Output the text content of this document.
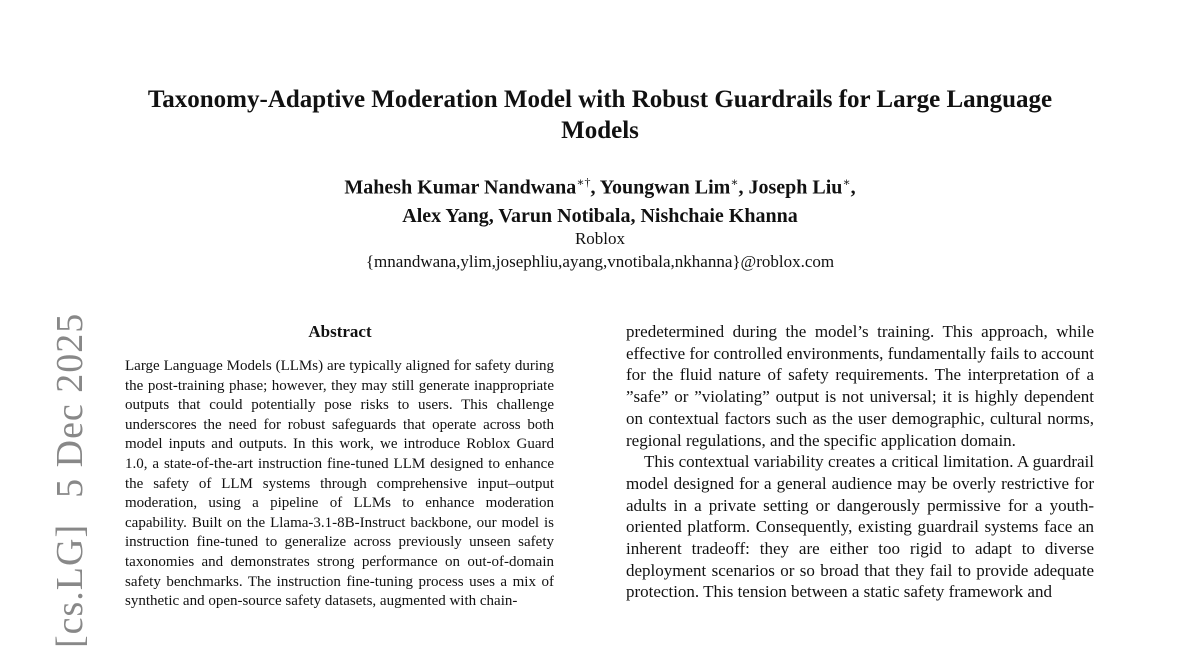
Taxonomy-Adaptive Moderation Model with Robust Guardrails for Large Language Models
Mahesh Kumar Nandwana∗†, Youngwan Lim∗, Joseph Liu∗,
Alex Yang, Varun Notibala, Nishchaie Khanna
Roblox
{mnandwana,ylim,josephliu,ayang,vnotibala,nkhanna}@roblox.com
[cs.LG]5 Dec 2025	Abstract
Large Language Models (LLMs) are typically aligned for safety during the post-training phase; however, they may still generate inappropriate outputs that could potentially pose risks to users. This challenge underscores the need for robust safeguards that operate across both model inputs and outputs. In this work, we introduce Roblox Guard 1.0, a state-of-the-art instruction fine-tuned LLM designed to enhance the safety of LLM systems through comprehensive input–output moderation, using a pipeline of LLMs to enhance moderation capability. Built on the Llama-3.1-8B-Instruct backbone, our model is instruction fine-tuned to generalize across previously unseen safety taxonomies and demonstrates strong performance on out-of-domain safety benchmarks. The instruction fine-tuning process uses a mix of synthetic and open-source safety datasets, augmented with chain-

predetermined during the model’s training. This approach, while effective for controlled environments, fundamentally fails to account for the fluid nature of safety requirements. The interpretation of a ”safe” or ”violating” output is not universal; it is highly dependent on contextual factors such as the user demographic, cultural norms, regional regulations, and the specific application domain.

This contextual variability creates a critical limitation. A guardrail model designed for a general audience may be overly restrictive for adults in a private setting or dangerously permissive for a youth-oriented platform. Consequently, existing guardrail systems face an inherent tradeoff: they are either too rigid to adapt to diverse deployment scenarios or so broad that they fail to provide adequate protection. This tension between a static safety framework and
